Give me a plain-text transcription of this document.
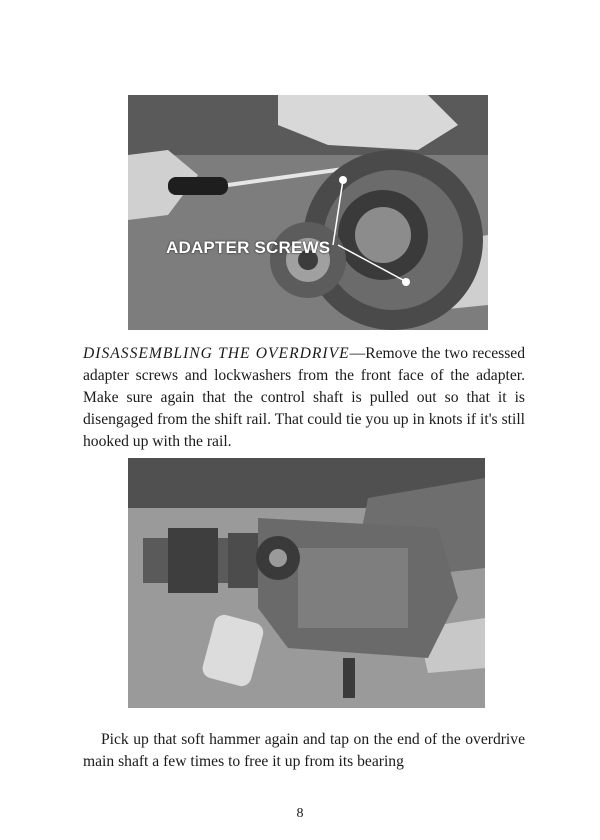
ADAPTER SCREWS

DISASSEMBLING THE OVERDRIVE—Remove the two recessed adapter screws and lockwashers from the front face of the adapter. Make sure again that the control shaft is pulled out so that it is disengaged from the shift rail. That could tie you up in knots if it's still hooked up with the rail.

Pick up that soft hammer again and tap on the end of the overdrive main shaft a few times to free it up from its bearing

8
